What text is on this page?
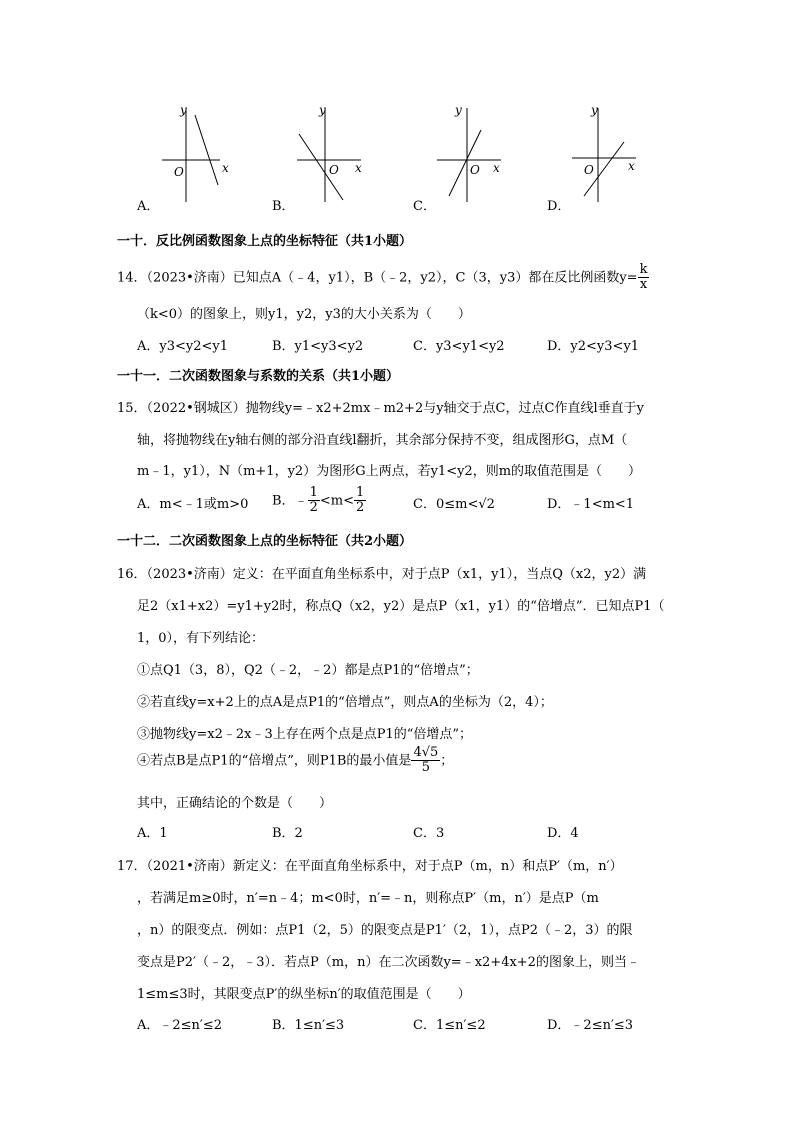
y
x
O
A．
y
x
O
B．
y
x
O
C．
y
x
O
D．
一十．反比例函数图象上点的坐标特征（共1小题）
14．（2023•济南）已知点A（﹣4，y1），B（﹣2，y2），C（3，y3）都在反比例函数$y= \frac{k}{x}$
（k<0）的图象上，则y1，y2，y3的大小关系为（　　）
A．y3<y2<y1	B．y1<y3<y2	C．y3<y1<y2	D．y2<y3<y1
一十一．二次函数图象与系数的关系（共1小题）
15．（2022•钢城区）抛物线y=﹣x2+2mx﹣m2+2与y轴交于点C，过点C作直线l垂直于y
轴，将抛物线在y轴右侧的部分沿直线l翻折，其余部分保持不变，组成图形G，点M（
m﹣1，y1），N（m+1，y2）为图形G上两点，若y1<y2，则m的取值范围是（　　）
A．m<﹣1或m>0 B．﹣ $\frac{1}{2} <m< \frac{1}{2}$	C．0≤m<√2	D．﹣1<m<1
一十二．二次函数图象上点的坐标特征（共2小题）
16．（2023•济南）定义：在平面直角坐标系中，对于点P（x1，y1），当点Q（x2，y2）满
足2（x1+x2）=y1+y2时，称点Q（x2，y2）是点P（x1，y1）的“倍增点”．已知点P1（
1，0），有下列结论：
①点Q1（3，8），Q2（﹣2，﹣2）都是点P1的“倍增点”；
②若直线y=x+2上的点A是点P1的“倍增点”，则点A的坐标为（2，4）；
③抛物线y=x2﹣2x﹣3上存在两个点是点P1的“倍增点”；
④若点B是点P1的“倍增点”，则P1B的最小值是 $\frac{4√5}{5}$ ；
其中，正确结论的个数是（　　）
A．1	B．2	C．3	D．4
17．（2021•济南）新定义：在平面直角坐标系中，对于点P（m，n）和点P′（m，n′）
，若满足m≥0时，n′=n﹣4；m<0时，n′=﹣n，则称点P′（m，n′）是点P（m
，n）的限变点．例如：点P1（2，5）的限变点是P1′（2，1），点P2（﹣2，3）的限
变点是P2′（﹣2，﹣3）．若点P（m，n）在二次函数y=﹣x2+4x+2的图象上，则当﹣
1≤m≤3时，其限变点P′的纵坐标n′的取值范围是（　　）
A．﹣2≤n′≤2	B．1≤n′≤3	C．1≤n′≤2	D．﹣2≤n′≤3
